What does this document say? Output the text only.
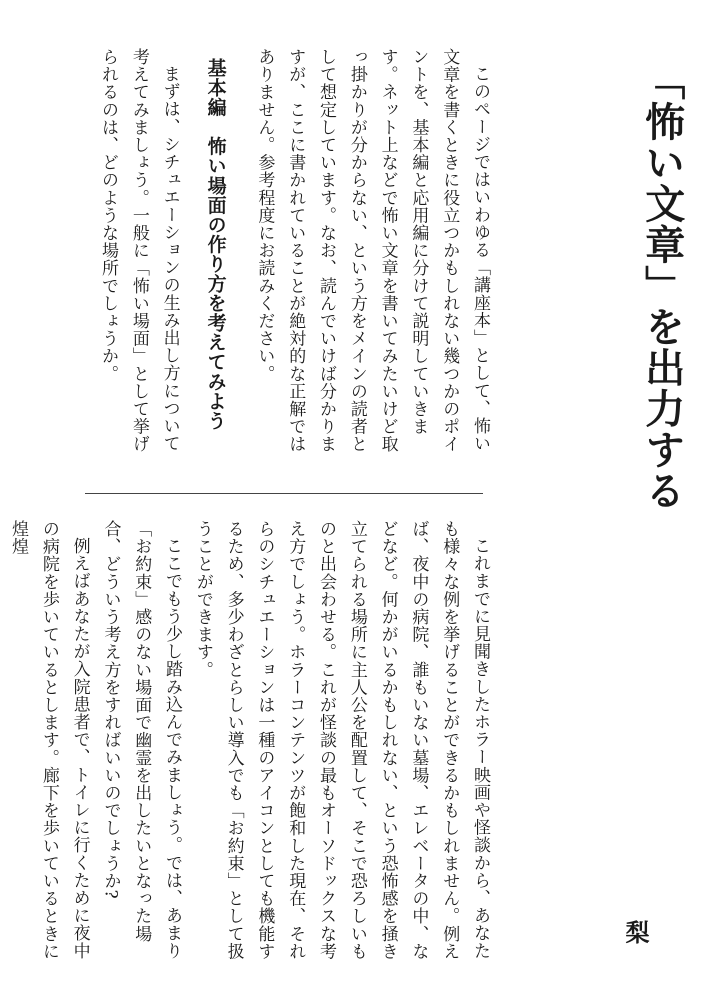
「怖い文章」を出力する

このページではいわゆる「講座本」として、怖い文章を書くときに役立つかもしれない幾つかのポイントを、基本編と応用編に分けて説明していきます。ネット上などで怖い文章を書いてみたいけど取っ掛かりが分からない、という方をメインの読者として想定しています。なお、読んでいけば分かりますが、ここに書かれていることが絶対的な正解ではありません。参考程度にお読みください。

基本編　怖い場面の作り方を考えてみよう

まずは、シチュエーションの生み出し方について考えてみましょう。一般に「怖い場面」として挙げられるのは、どのような場所でしょうか。

これまでに見聞きしたホラー映画や怪談から、あなたも様々な例を挙げることができるかもしれません。例えば、夜中の病院、誰もいない墓場、エレベータの中、などなど。何かがいるかもしれない、という恐怖感を掻き立てられる場所に主人公を配置して、そこで恐ろしいものと出会わせる。これが怪談の最もオーソドックスな考え方でしょう。ホラーコンテンツが飽和した現在、それらのシチュエーションは一種のアイコンとしても機能するため、多少わざとらしい導入でも「お約束」として扱うことができます。

ここでもう少し踏み込んでみましょう。では、あまり「お約束」感のない場面で幽霊を出したいとなった場合、どういう考え方をすればいいのでしょうか?

例えばあなたが入院患者で、トイレに行くために夜中の病院を歩いているとします。廊下を歩いているときに煌煌

梨
